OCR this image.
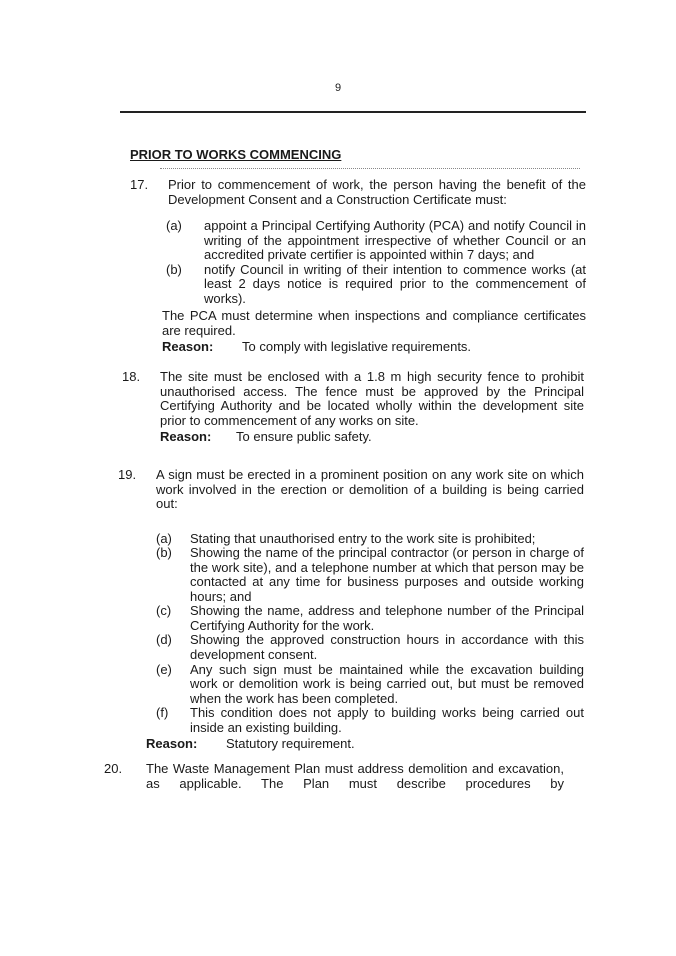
9
PRIOR TO WORKS COMMENCING
17. Prior to commencement of work, the person having the benefit of the Development Consent and a Construction Certificate must:

(a) appoint a Principal Certifying Authority (PCA) and notify Council in writing of the appointment irrespective of whether Council or an accredited private certifier is appointed within 7 days; and
(b) notify Council in writing of their intention to commence works (at least 2 days notice is required prior to the commencement of works).

The PCA must determine when inspections and compliance certificates are required.

Reason: To comply with legislative requirements.

18. The site must be enclosed with a 1.8 m high security fence to prohibit unauthorised access. The fence must be approved by the Principal Certifying Authority and be located wholly within the development site prior to commencement of any works on site.

Reason: To ensure public safety.

19. A sign must be erected in a prominent position on any work site on which work involved in the erection or demolition of a building is being carried out:

(a) Stating that unauthorised entry to the work site is prohibited;
(b) Showing the name of the principal contractor (or person in charge of the work site), and a telephone number at which that person may be contacted at any time for business purposes and outside working hours; and
(c) Showing the name, address and telephone number of the Principal Certifying Authority for the work.
(d) Showing the approved construction hours in accordance with this development consent.
(e) Any such sign must be maintained while the excavation building work or demolition work is being carried out, but must be removed when the work has been completed.
(f) This condition does not apply to building works being carried out inside an existing building.

Reason: Statutory requirement.

20. The Waste Management Plan must address demolition and excavation, as applicable. The Plan must describe procedures by
